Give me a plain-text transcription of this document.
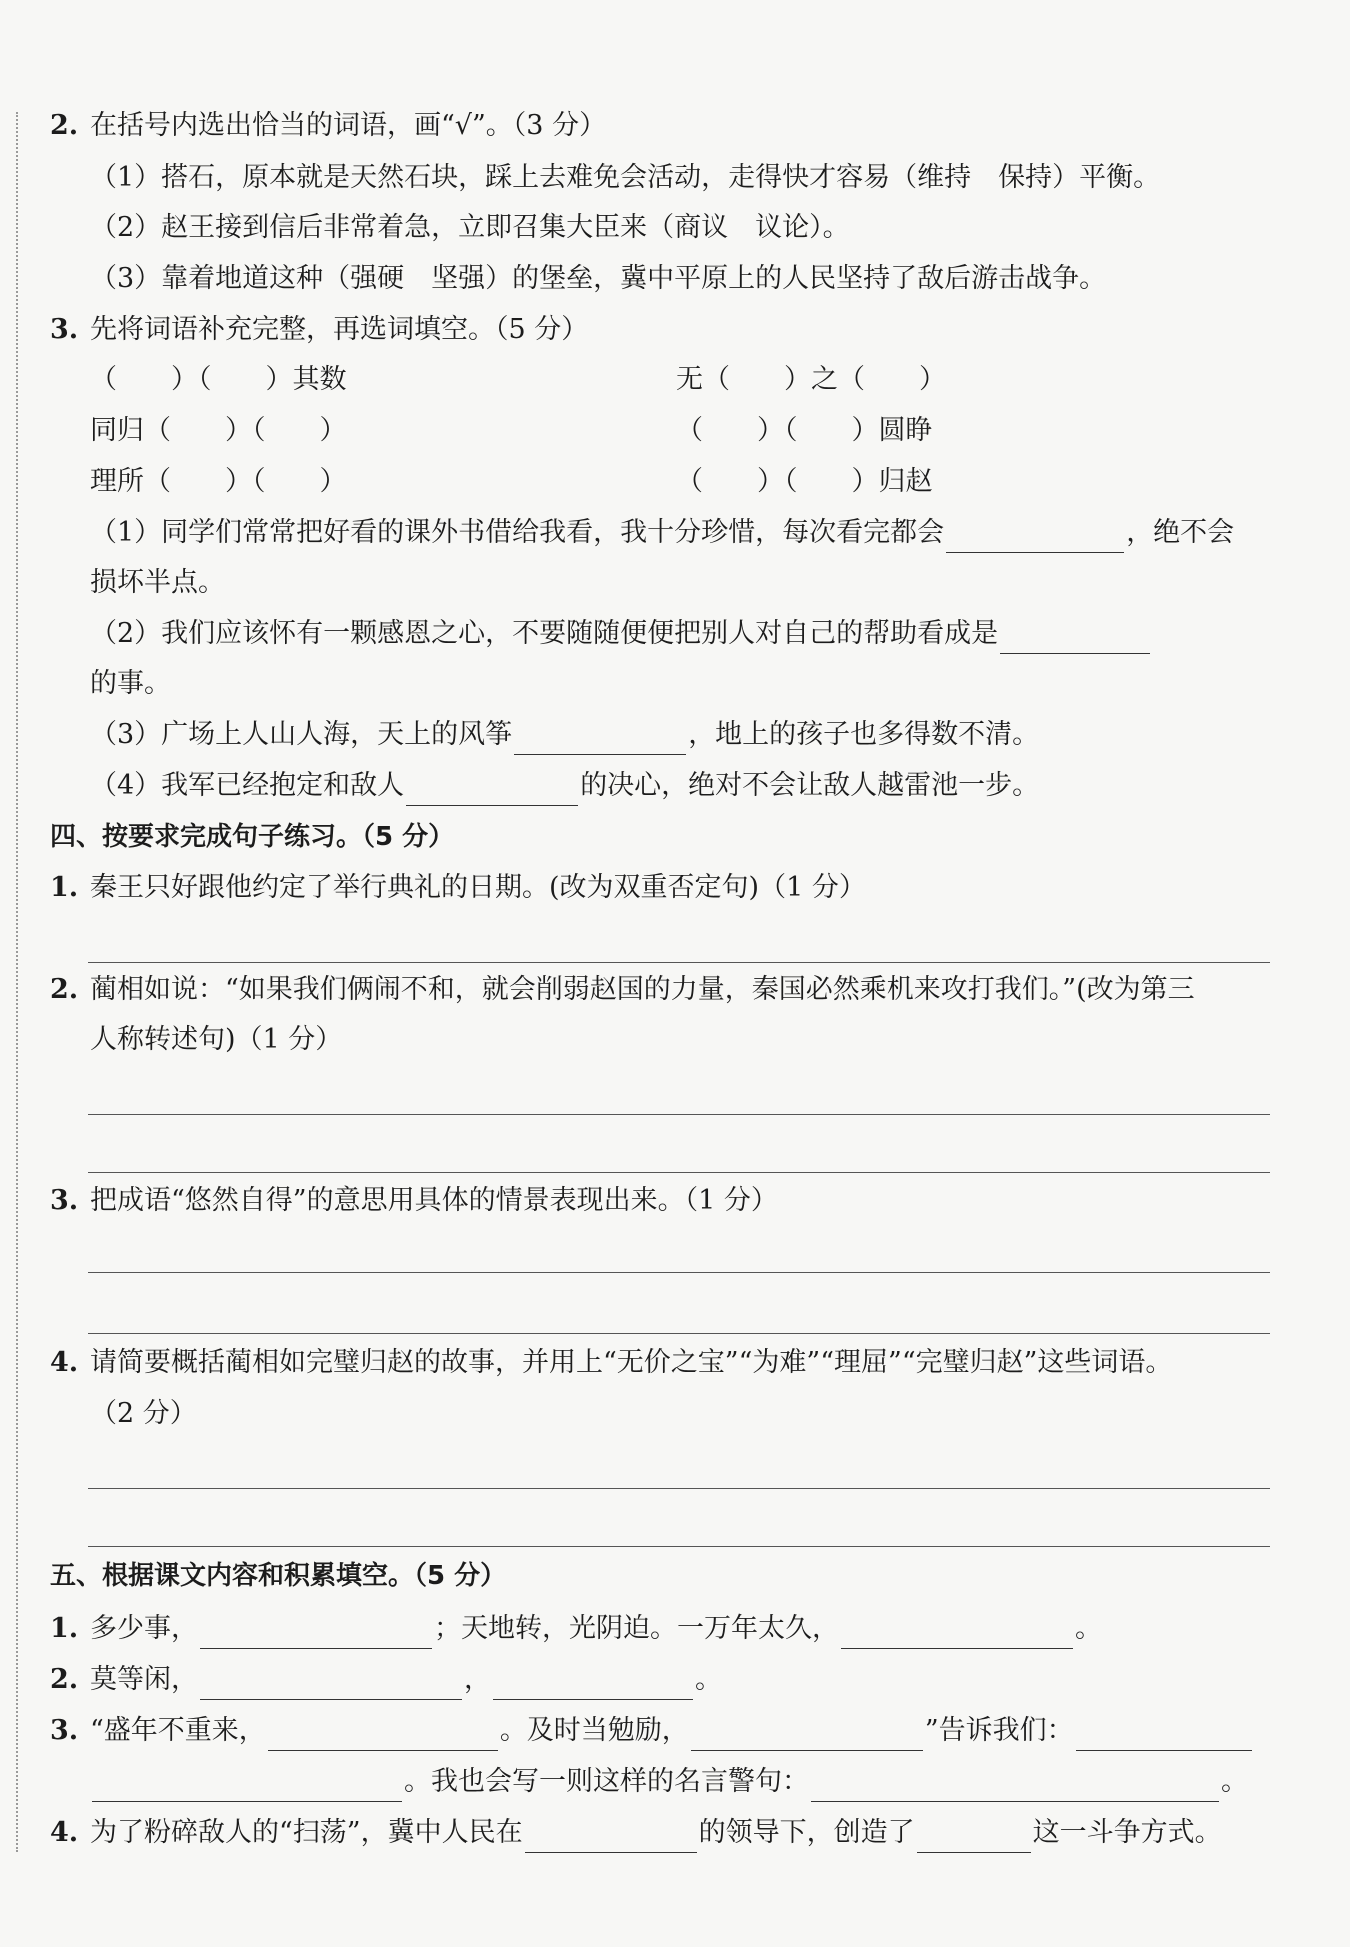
2. 在括号内选出恰当的词语，画“√”。（3 分）
（1）搭石，原本就是天然石块，踩上去难免会活动，走得快才容易（维持　保持）平衡。
（2）赵王接到信后非常着急，立即召集大臣来（商议　议论）。
（3）靠着地道这种（强硬　坚强）的堡垒，冀中平原上的人民坚持了敌后游击战争。
3. 先将词语补充完整，再选词填空。（5 分）
（　　）（　　）其数	无（　　）之（　　）
同归（　　）（　　）	（　　）（　　）圆睁
理所（　　）（　　）	（　　）（　　）归赵
（1）同学们常常把好看的课外书借给我看，我十分珍惜，每次看完都会	，绝不会
损坏半点。
（2）我们应该怀有一颗感恩之心，不要随随便便把别人对自己的帮助看成是
的事。
（3）广场上人山人海，天上的风筝	，地上的孩子也多得数不清。
（4）我军已经抱定和敌人	的决心，绝对不会让敌人越雷池一步。
四、按要求完成句子练习。（5 分）
1. 秦王只好跟他约定了举行典礼的日期。(改为双重否定句)（1 分）
2. 蔺相如说：“如果我们俩闹不和，就会削弱赵国的力量，秦国必然乘机来攻打我们。”(改为第三
人称转述句)（1 分）
3. 把成语“悠然自得”的意思用具体的情景表现出来。（1 分）
4. 请简要概括蔺相如完璧归赵的故事，并用上“无价之宝”“为难”“理屈”“完璧归赵”这些词语。
（2 分）
五、根据课文内容和积累填空。（5 分）
1. 多少事，	；天地转，光阴迫。一万年太久，	。
2. 莫等闲，	，	。
3. “盛年不重来，	。及时当勉励，	”告诉我们：
。我也会写一则这样的名言警句：	。
4. 为了粉碎敌人的“扫荡”，冀中人民在	的领导下，创造了	这一斗争方式。
